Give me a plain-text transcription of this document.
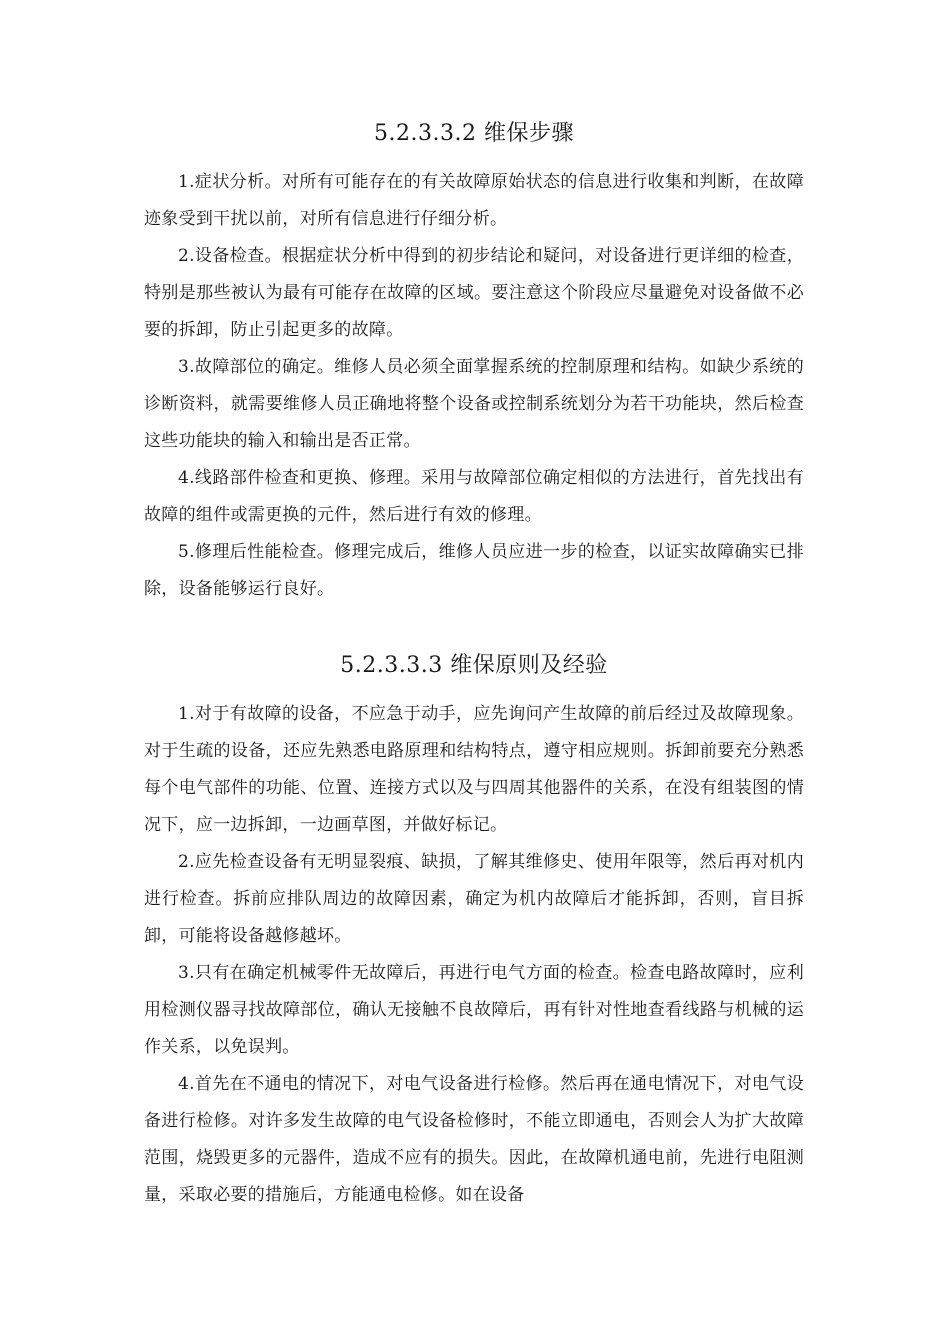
5.2.3.3.2 维保步骤

1.症状分析。对所有可能存在的有关故障原始状态的信息进行收集和判断，在故障迹象受到干扰以前，对所有信息进行仔细分析。

2.设备检查。根据症状分析中得到的初步结论和疑问，对设备进行更详细的检查，特别是那些被认为最有可能存在故障的区域。要注意这个阶段应尽量避免对设备做不必要的拆卸，防止引起更多的故障。

3.故障部位的确定。维修人员必须全面掌握系统的控制原理和结构。如缺少系统的诊断资料，就需要维修人员正确地将整个设备或控制系统划分为若干功能块，然后检查这些功能块的输入和输出是否正常。

4.线路部件检查和更换、修理。采用与故障部位确定相似的方法进行，首先找出有故障的组件或需更换的元件，然后进行有效的修理。

5.修理后性能检查。修理完成后，维修人员应进一步的检查，以证实故障确实已排除，设备能够运行良好。

5.2.3.3.3 维保原则及经验

1.对于有故障的设备，不应急于动手，应先询问产生故障的前后经过及故障现象。对于生疏的设备，还应先熟悉电路原理和结构特点，遵守相应规则。拆卸前要充分熟悉每个电气部件的功能、位置、连接方式以及与四周其他器件的关系，在没有组装图的情况下，应一边拆卸，一边画草图，并做好标记。

2.应先检查设备有无明显裂痕、缺损，了解其维修史、使用年限等，然后再对机内进行检查。拆前应排队周边的故障因素，确定为机内故障后才能拆卸，否则，盲目拆卸，可能将设备越修越坏。

3.只有在确定机械零件无故障后，再进行电气方面的检查。检查电路故障时，应利用检测仪器寻找故障部位，确认无接触不良故障后，再有针对性地查看线路与机械的运作关系，以免误判。

4.首先在不通电的情况下，对电气设备进行检修。然后再在通电情况下，对电气设备进行检修。对许多发生故障的电气设备检修时，不能立即通电，否则会人为扩大故障范围，烧毁更多的元器件，造成不应有的损失。因此，在故障机通电前，先进行电阻测量，采取必要的措施后，方能通电检修。如在设备
